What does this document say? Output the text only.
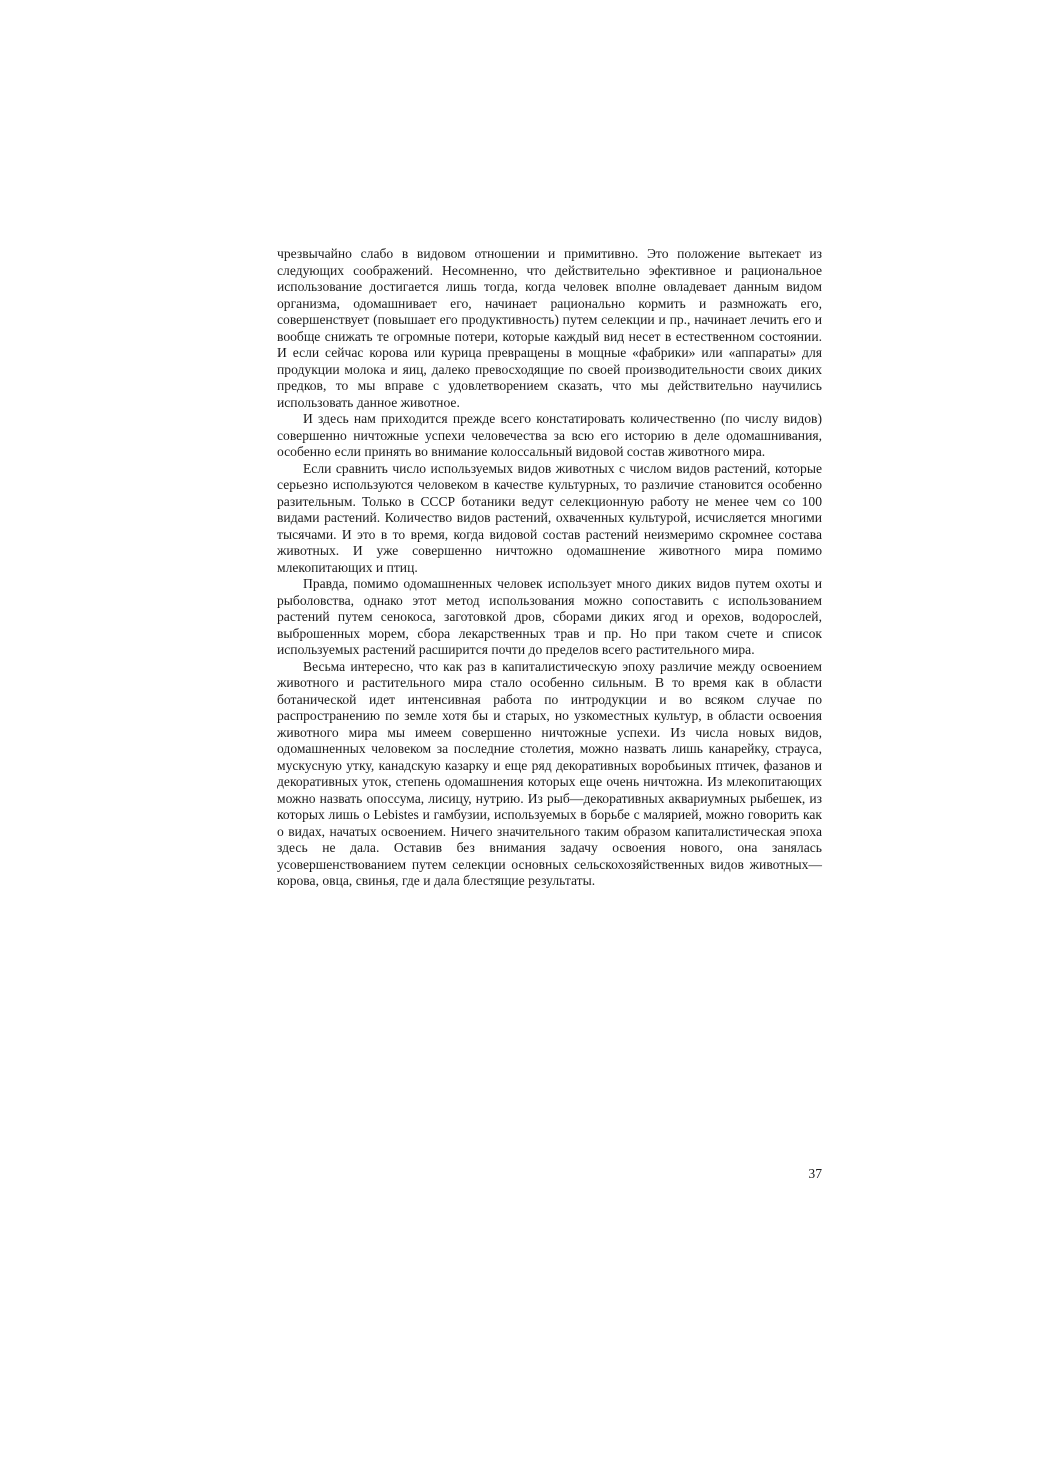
чрезвычайно слабо в видовом отношении и примитивно. Это положение вытекает из следующих соображений. Несомненно, что действительно эфективное и рациональное использование достигается лишь тогда, когда человек вполне овладевает данным видом организма, одомашнивает его, начинает рационально кормить и размножать его, совершенствует (повышает его продуктивность) путем селекции и пр., начинает лечить его и вообще снижать те огромные потери, которые каждый вид несет в естественном состоянии. И если сейчас корова или курица превращены в мощные «фабрики» или «аппараты» для продукции молока и яиц, далеко превосходящие по своей производительности своих диких предков, то мы вправе с удовлетворением сказать, что мы действительно научились использовать данное животное.

И здесь нам приходится прежде всего констатировать количественно (по числу видов) совершенно ничтожные успехи человечества за всю его историю в деле одомашнивания, особенно если принять во внимание колоссальный видовой состав животного мира.

Если сравнить число используемых видов животных с числом видов растений, которые серьезно используются человеком в качестве культурных, то различие становится особенно разительным. Только в СССР ботаники ведут селекционную работу не менее чем со 100 видами растений. Количество видов растений, охваченных культурой, исчисляется многими тысячами. И это в то время, когда видовой состав растений неизмеримо скромнее состава животных. И уже совершенно ничтожно одомашнение животного мира помимо млекопитающих и птиц.

Правда, помимо одомашненных человек использует много диких видов путем охоты и рыболовства, однако этот метод использования можно сопоставить с использованием растений путем сенокоса, заготовкой дров, сборами диких ягод и орехов, водорослей, выброшенных морем, сбора лекарственных трав и пр. Но при таком счете и список используемых растений расширится почти до пределов всего растительного мира.

Весьма интересно, что как раз в капиталистическую эпоху различие между освоением животного и растительного мира стало особенно сильным. В то время как в области ботанической идет интенсивная работа по интродукции и во всяком случае по распространению по земле хотя бы и старых, но узкоместных культур, в области освоения животного мира мы имеем совершенно ничтожные успехи. Из числа новых видов, одомашненных человеком за последние столетия, можно назвать лишь канарейку, страуса, мускусную утку, канадскую казарку и еще ряд декоративных воробьиных птичек, фазанов и декоративных уток, степень одомашнения которых еще очень ничтожна. Из млекопитающих можно назвать опоссума, лисицу, нутрию. Из рыб—декоративных аквариумных рыбешек, из которых лишь о Lebistes и гамбузии, используемых в борьбе с малярией, можно говорить как о видах, начатых освоением. Ничего значительного таким образом капиталистическая эпоха здесь не дала. Оставив без внимания задачу освоения нового, она занялась усовершенствованием путем селекции основных сельскохозяйственных видов животных—корова, овца, свинья, где и дала блестящие результаты.

37
